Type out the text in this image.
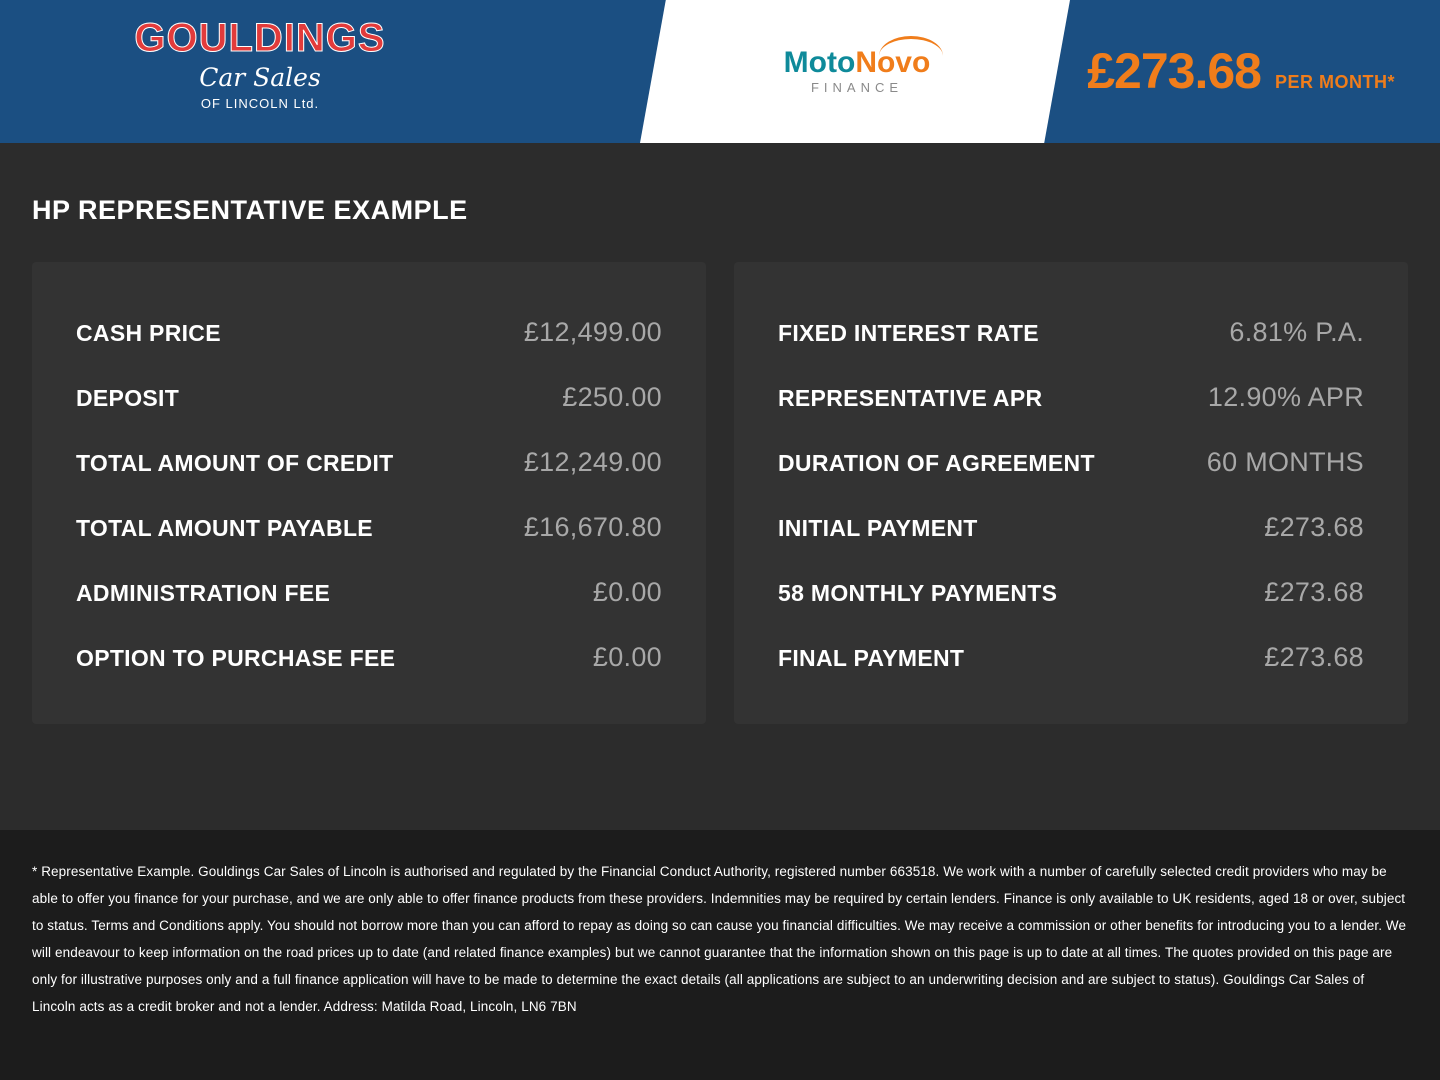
GOULDINGS
Car Sales
OF LINCOLN Ltd.
MotoNovo
FINANCE	£273.68 PER MONTH*
HP REPRESENTATIVE EXAMPLE
CASH PRICE	£12,499.00
DEPOSIT	£250.00
TOTAL AMOUNT OF CREDIT	£12,249.00
TOTAL AMOUNT PAYABLE	£16,670.80
ADMINISTRATION FEE	£0.00
OPTION TO PURCHASE FEE	£0.00
FIXED INTEREST RATE	6.81% P.A.
REPRESENTATIVE APR	12.90% APR
DURATION OF AGREEMENT	60 MONTHS
INITIAL PAYMENT	£273.68
58 MONTHLY PAYMENTS	£273.68
FINAL PAYMENT	£273.68

* Representative Example. Gouldings Car Sales of Lincoln is authorised and regulated by the Financial Conduct Authority, registered number 663518. We work with a number of carefully selected credit providers who may be able to offer you finance for your purchase, and we are only able to offer finance products from these providers. Indemnities may be required by certain lenders. Finance is only available to UK residents, aged 18 or over, subject to status. Terms and Conditions apply. You should not borrow more than you can afford to repay as doing so can cause you financial difficulties. We may receive a commission or other benefits for introducing you to a lender. We will endeavour to keep information on the road prices up to date (and related finance examples) but we cannot guarantee that the information shown on this page is up to date at all times. The quotes provided on this page are only for illustrative purposes only and a full finance application will have to be made to determine the exact details (all applications are subject to an underwriting decision and are subject to status). Gouldings Car Sales of Lincoln acts as a credit broker and not a lender. Address: Matilda Road, Lincoln, LN6 7BN
